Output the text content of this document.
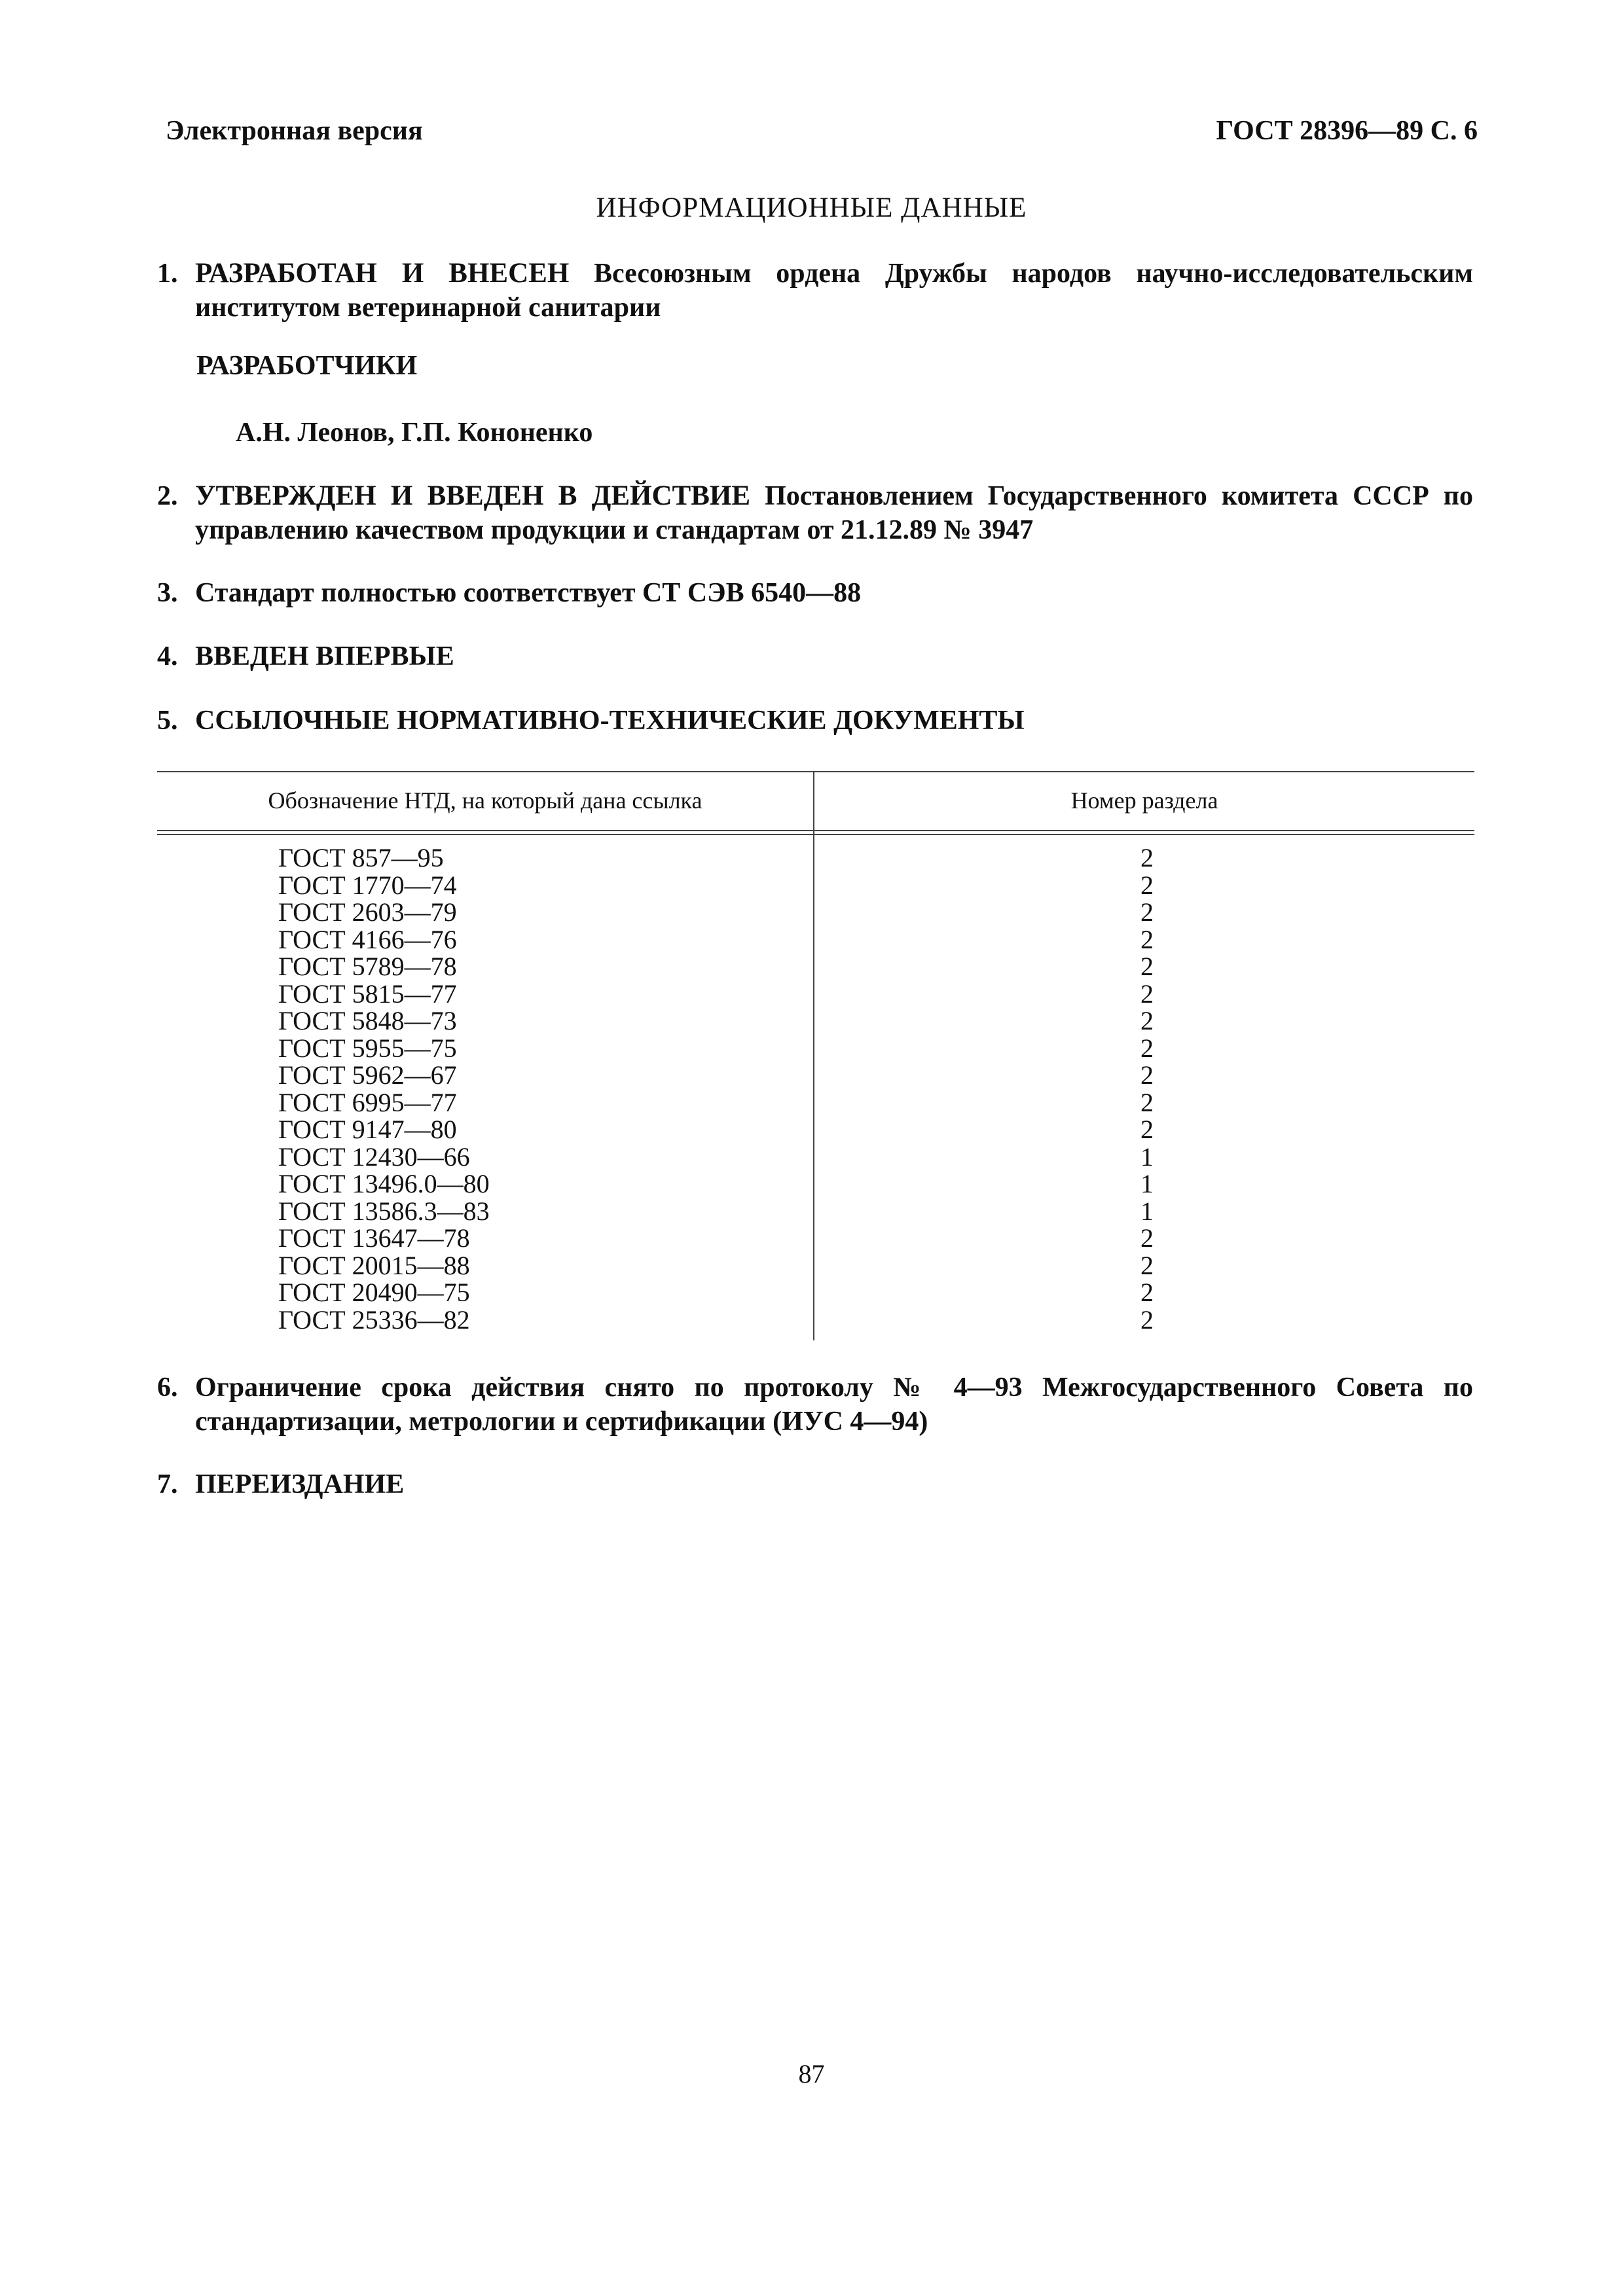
Электронная версия	ГОСТ 28396—89 С. 6
ИНФОРМАЦИОННЫЕ ДАННЫЕ
1. РАЗРАБОТАН И ВНЕСЕН Всесоюзным ордена Дружбы народов научно-исследовательским институтом ветеринарной санитарии
РАЗРАБОТЧИКИ
А.Н. Леонов, Г.П. Кононенко
2. УТВЕРЖДЕН И ВВЕДЕН В ДЕЙСТВИЕ Постановлением Государственного комитета СССР по управлению качеством продукции и стандартам от 21.12.89 № 3947
3. Стандарт полностью соответствует СТ СЭВ 6540—88
4. ВВЕДЕН ВПЕРВЫЕ
5. ССЫЛОЧНЫЕ НОРМАТИВНО-ТЕХНИЧЕСКИЕ ДОКУМЕНТЫ
Обозначение НТД, на который дана ссылка	Номер раздела
ГОСТ 857—95	2
ГОСТ 1770—74	2
ГОСТ 2603—79	2
ГОСТ 4166—76	2
ГОСТ 5789—78	2
ГОСТ 5815—77	2
ГОСТ 5848—73	2
ГОСТ 5955—75	2
ГОСТ 5962—67	2
ГОСТ 6995—77	2
ГОСТ 9147—80	2
ГОСТ 12430—66	1
ГОСТ 13496.0—80	1
ГОСТ 13586.3—83	1
ГОСТ 13647—78	2
ГОСТ 20015—88	2
ГОСТ 20490—75	2
ГОСТ 25336—82	2
6. Ограничение срока действия снято по протоколу № 4—93 Межгосударственного Совета по стандартизации, метрологии и сертификации (ИУС 4—94)
7. ПЕРЕИЗДАНИЕ
87
